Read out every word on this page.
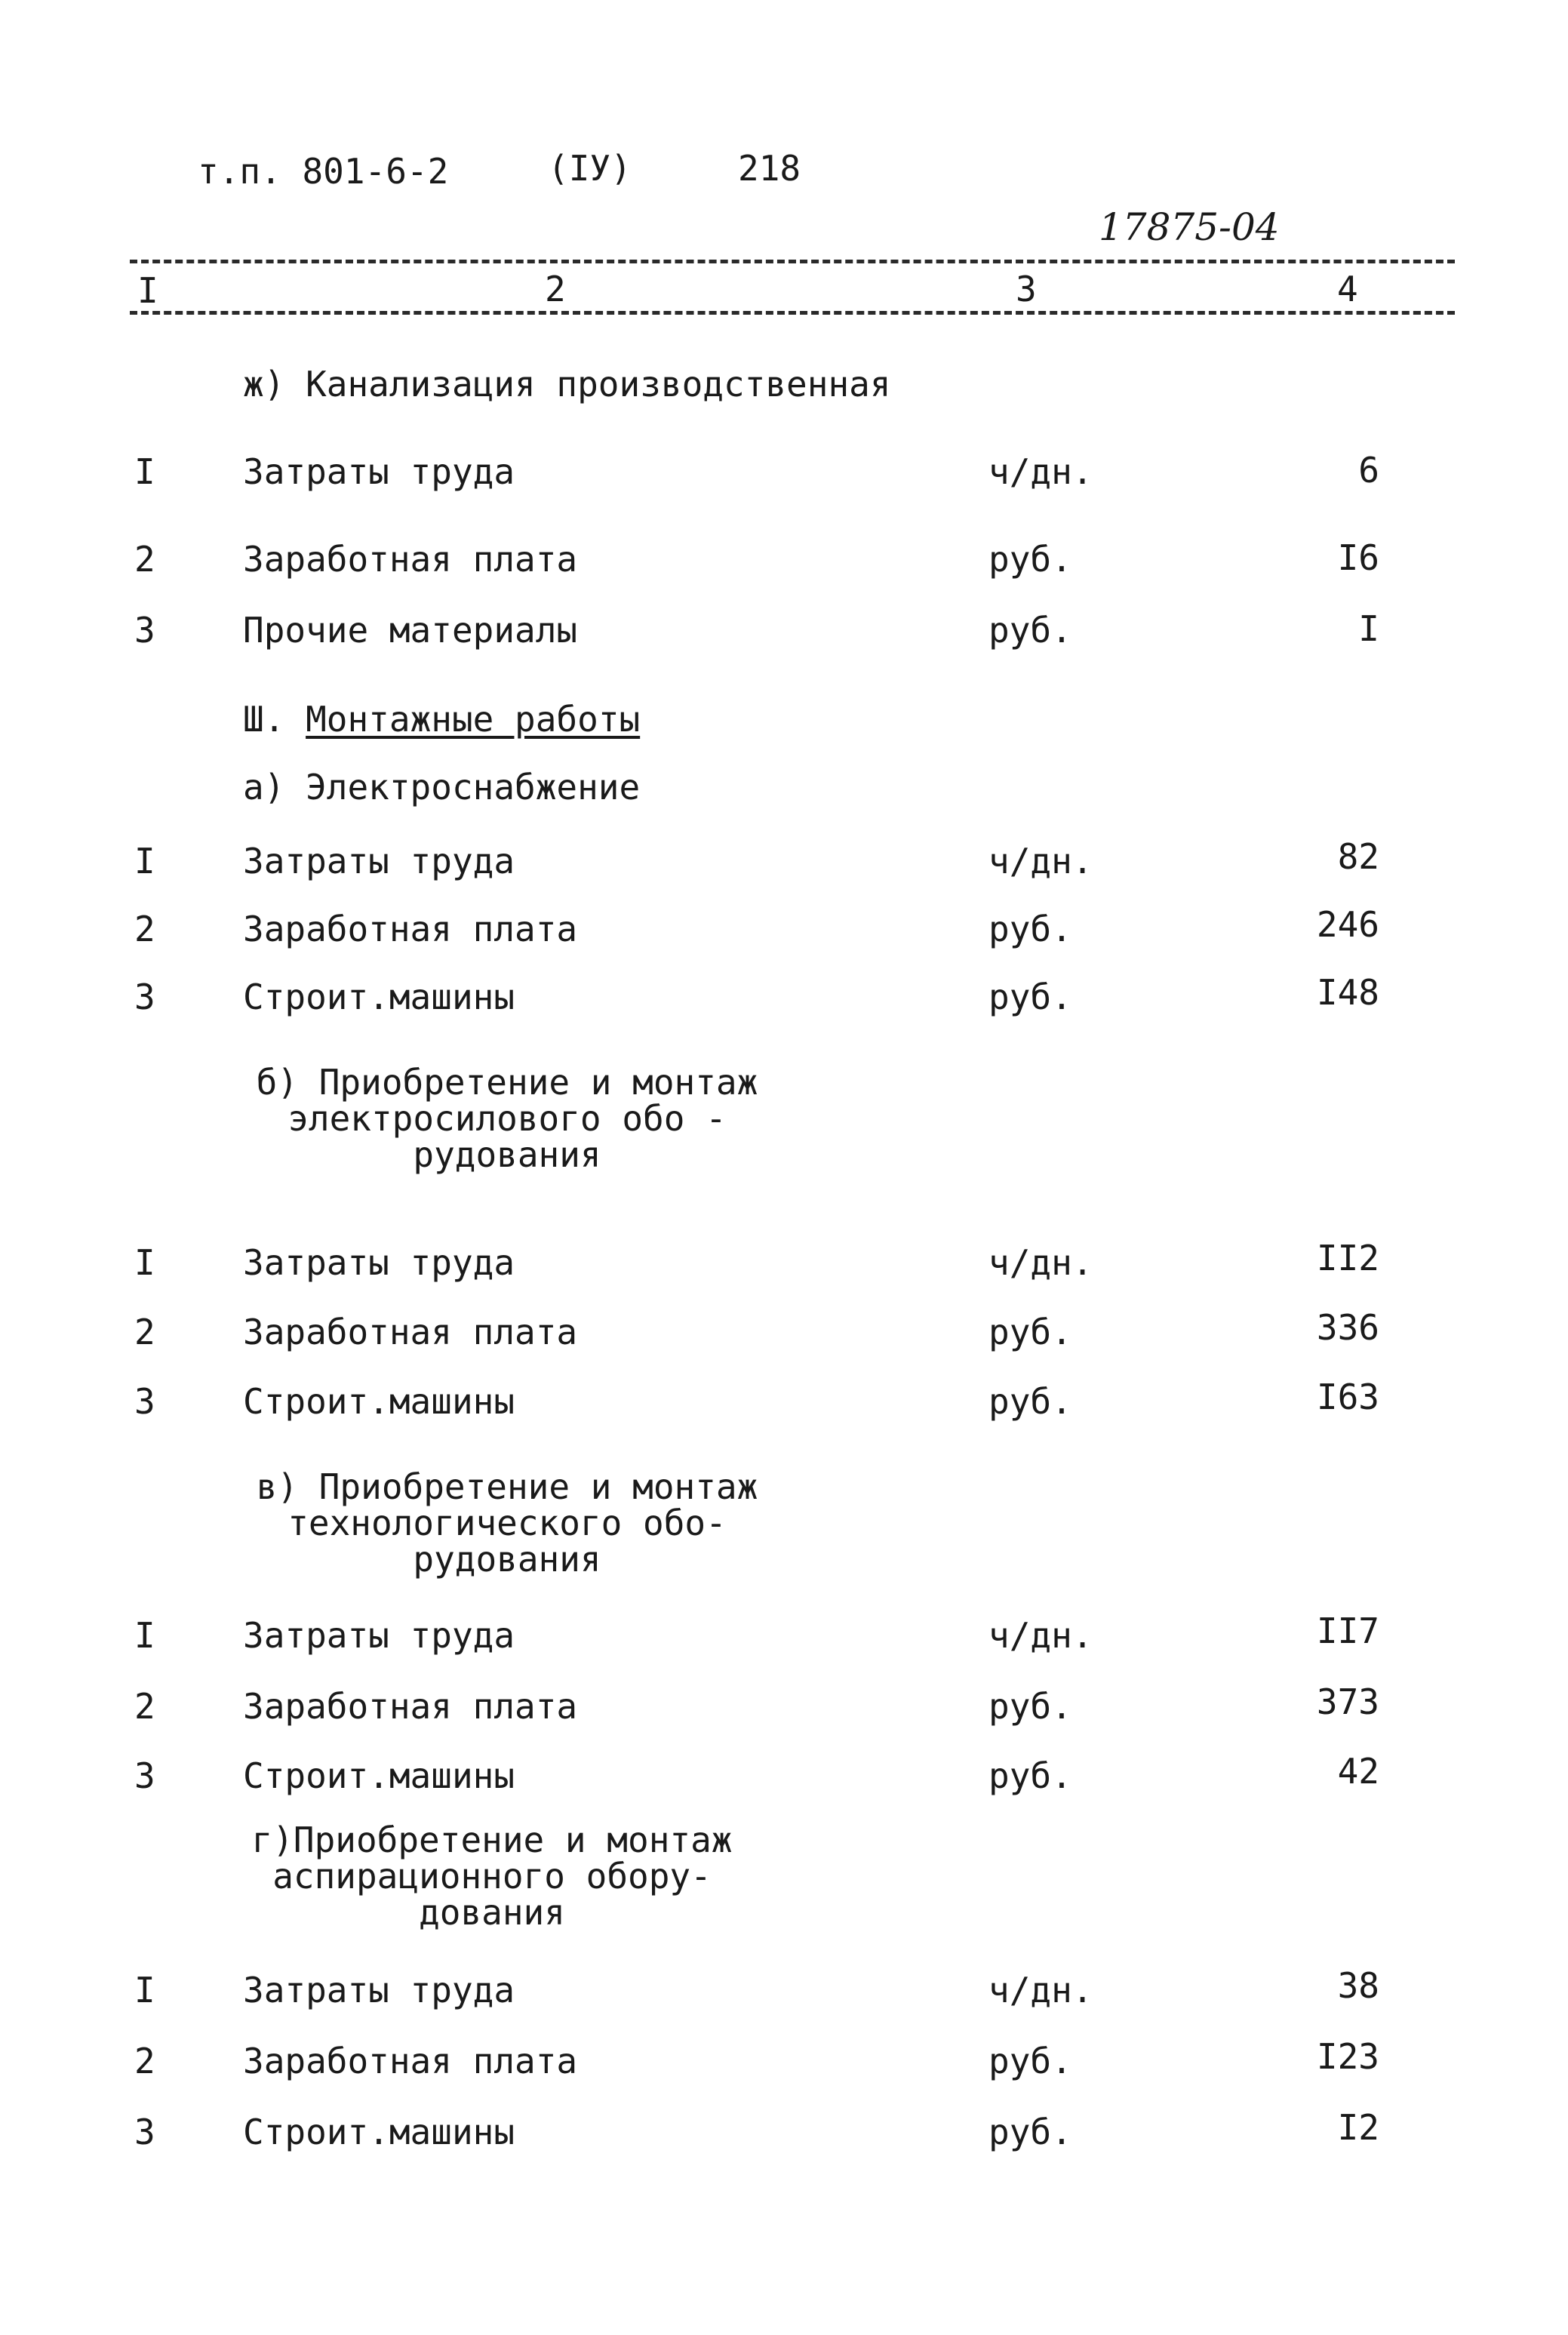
т.п. 801-6-2	(IУ)	218
17875-04
I	2	3	4
ж) Канализация производственная
I	Затраты труда	ч/дн.	6
2	Заработная плата	руб.	I6
3	Прочие материалы	руб.	I
Ш. Монтажные работы
а) Электроснабжение
I	Затраты труда	ч/дн.	82
2	Заработная плата	руб.	246
3	Строит.машины	руб.	I48
б) Приобретение и монтаж
электросилового обо -
рудования
I	Затраты труда	ч/дн.	II2
2	Заработная плата	руб.	336
3	Строит.машины	руб.	I63
в) Приобретение и монтаж
технологического обо-
рудования
I	Затраты труда	ч/дн.	II7
2	Заработная плата	руб.	373
3	Строит.машины	руб.	42
г)Приобретение и монтаж
аспирационного обору-
дования
I	Затраты труда	ч/дн.	38
2	Заработная плата	руб.	I23
3	Строит.машины	руб.	I2
